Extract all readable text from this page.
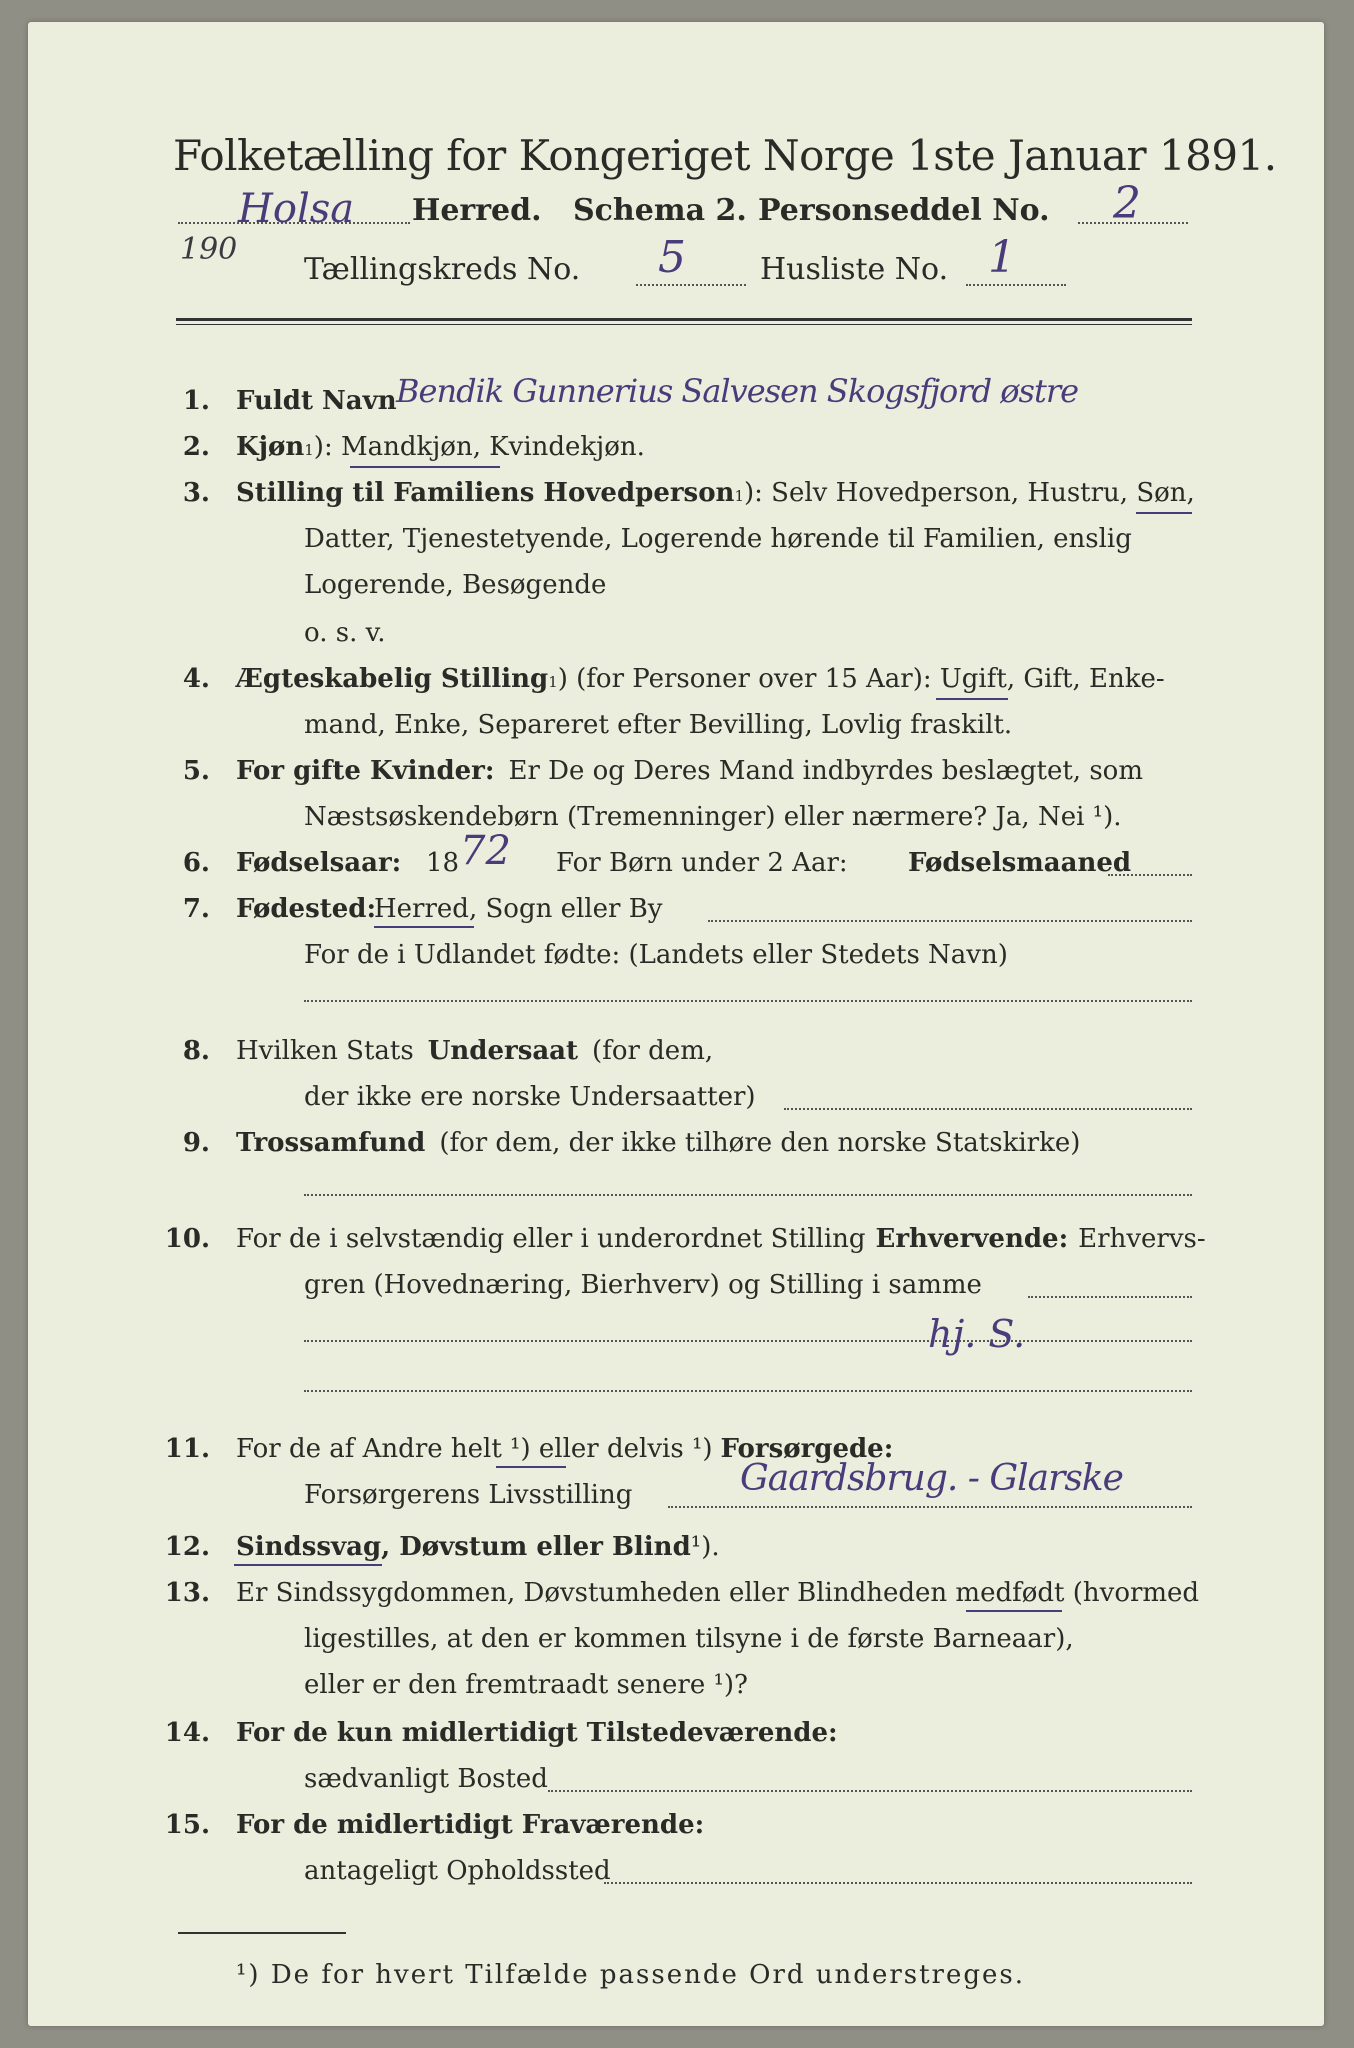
Folketælling for Kongeriget Norge 1ste Januar 1891.
Holsa Herred. Schema 2. Personseddel No. 2
190
Tællingskreds No. 5 Husliste No. 1
1. Fuldt Navn Bendik Gunnerius Salvesen Skogsfjord østre
2. Kjøn 1 ): Mandkjøn, Kvindekjøn.
3. Stilling til Familiens Hovedperson 1 ): Selv Hovedperson, Hustru, Søn,
Datter, Tjenestetyende, Logerende hørende til Familien, enslig
Logerende, Besøgende
o. s. v.
4. Ægteskabelig Stilling 1 ) (for Personer over 15 Aar): Ugift, Gift, Enke-
mand, Enke, Separeret efter Bevilling, Lovlig fraskilt.
5. For gifte Kvinder: Er De og Deres Mand indbyrdes beslægtet, som
Næstsøskendebørn (Tremenninger) eller nærmere? Ja, Nei ¹).
6. Fødselsaar: 18 72 For Børn under 2 Aar: Fødselsmaaned
7. Fødested:
Herred, Sogn eller By
For de i Udlandet fødte: (Landets eller Stedets Navn)
8. Hvilken Stats Undersaat (for dem,
der ikke ere norske Undersaatter)
9. Trossamfund (for dem, der ikke tilhøre den norske Statskirke)
10. For de i selvstændig eller i underordnet Stilling Erhvervende: Erhvervs-
gren (Hovednæring, Bierhverv) og Stilling i samme
hj. S.
11. For de af Andre helt ¹) eller delvis ¹) Forsørgede:
Forsørgerens Livsstilling	Gaardsbrug. - Glarske
12. Sindssvag, Døvstum eller Blind ¹).
13. Er Sindssygdommen, Døvstumheden eller Blindheden medfødt (hvormed
ligestilles, at den er kommen tilsyne i de første Barneaar),
eller er den fremtraadt senere ¹)?
14. For de kun midlertidigt Tilstedeværende:
sædvanligt Bosted
15. For de midlertidigt Fraværende:
antageligt Opholdssted
¹) De for hvert Tilfælde passende Ord understreges.
